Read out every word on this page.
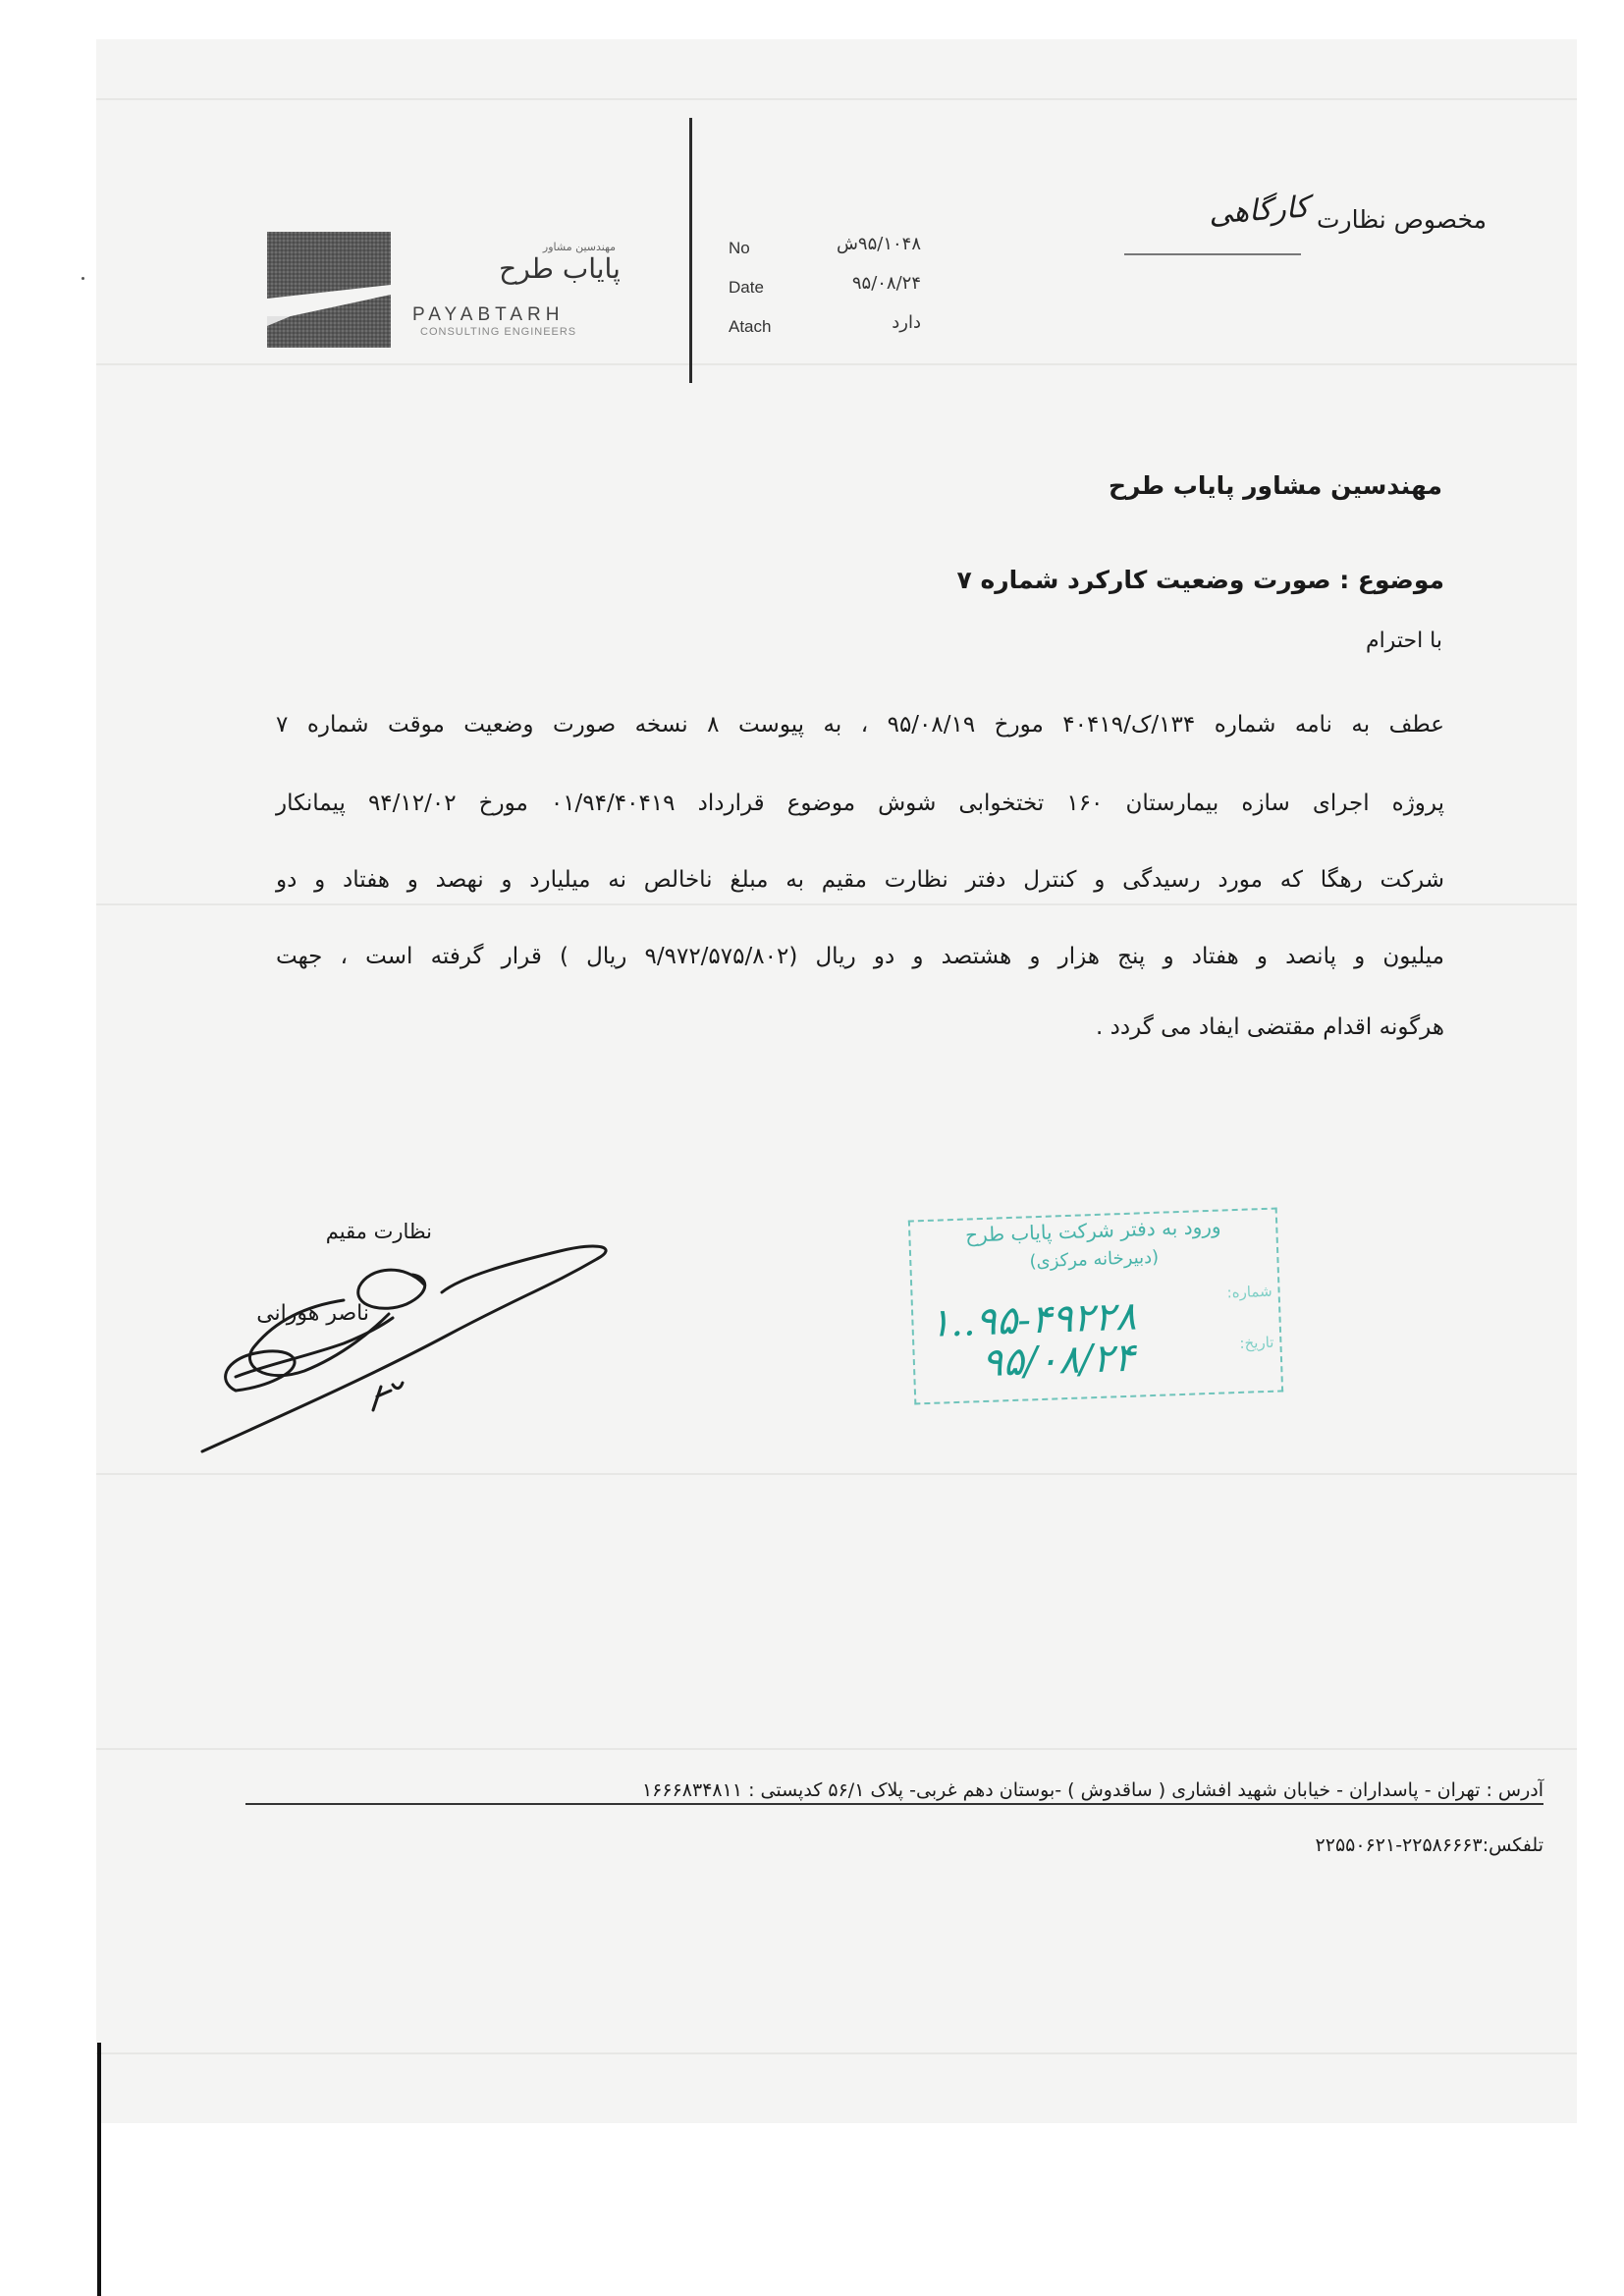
مهندسین مشاور
پایاب طرح
PAYABTARH
CONSULTING ENGINEERS
No	۹۵/۱۰۴۸ش
Date	۹۵/۰۸/۲۴
Atach	دارد
مخصوص نظارت کارگاهی
مهندسین مشاور پایاب طرح
موضوع : صورت وضعیت کارکرد شماره ۷
با احترام
عطف به نامه شماره ۱۳۴/ک/۴۰۴۱۹ مورخ ۹۵/۰۸/۱۹ ، به پیوست ۸ نسخه صورت وضعیت موقت شماره ۷
پروژه اجرای سازه بیمارستان ۱۶۰ تختخوابی شوش موضوع قرارداد ۰۱/۹۴/۴۰۴۱۹ مورخ ۹۴/۱۲/۰۲ پیمانکار
شرکت رهگا که مورد رسیدگی و کنترل دفتر نظارت مقیم به مبلغ ناخالص نه میلیارد و نهصد و هفتاد و دو
میلیون و پانصد و هفتاد و پنج هزار و هشتصد و دو ریال (۹/۹۷۲/۵۷۵/۸۰۲ ریال ) قرار گرفته است ، جهت
هرگونه اقدام مقتضی ایفاد می گردد .
نظارت مقیم
ناصر هورانی
ورود به دفتر شرکت پایاب طرح
(دبیرخانه مرکزی)
شماره:
۱..۹۵-۴۹۲۲۸	تاریخ:
۹۵/۰۸/۲۴
آدرس : تهران - پاسداران - خیابان شهید افشاری ( ساقدوش ) -بوستان دهم غربی- پلاک ۵۶/۱ کدپستی : ۱۶۶۶۸۳۴۸۱۱
تلفکس:۲۲۵۸۶۶۶۳-۲۲۵۵۰۶۲۱
